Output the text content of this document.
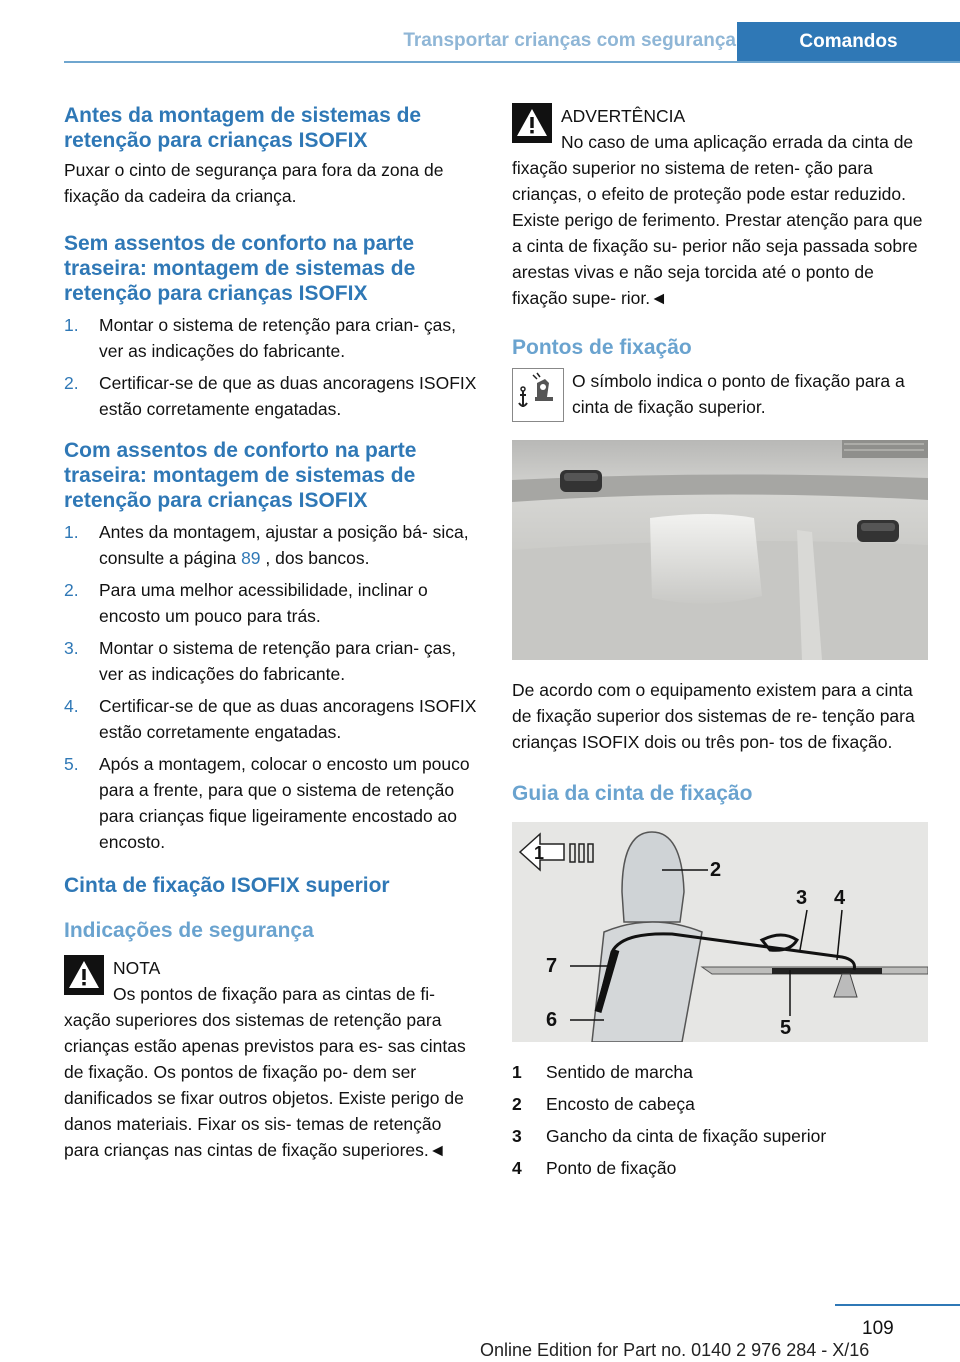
Transportar crianças com segurança	Comandos
Antes da montagem de sistemas de retenção para crianças ISOFIX

Puxar o cinto de segurança para fora da zona de fixação da cadeira da criança.

Sem assentos de conforto na parte traseira: montagem de sistemas de retenção para crianças ISOFIX
1.	Montar o sistema de retenção para crian- ças, ver as indicações do fabricante.
2.	Certificar-se de que as duas ancoragens ISOFIX estão corretamente engatadas.
Com assentos de conforto na parte traseira: montagem de sistemas de retenção para crianças ISOFIX
1.	Antes da montagem, ajustar a posição bá- sica, consulte a página 89 , dos bancos.
2.	Para uma melhor acessibilidade, inclinar o encosto um pouco para trás.
3.	Montar o sistema de retenção para crian- ças, ver as indicações do fabricante.
4.	Certificar-se de que as duas ancoragens ISOFIX estão corretamente engatadas.
5.	Após a montagem, colocar o encosto um pouco para a frente, para que o sistema de retenção para crianças fique ligeiramente encostado ao encosto.
Cinta de fixação ISOFIX superior
Indicações de segurança
NOTA
Os pontos de fixação para as cintas de fi- xação superiores dos sistemas de retenção para crianças estão apenas previstos para es- sas cintas de fixação. Os pontos de fixação po- dem ser danificados se fixar outros objetos. Existe perigo de danos materiais. Fixar os sis- temas de retenção para crianças nas cintas de fixação superiores.◄
ADVERTÊNCIA
No caso de uma aplicação errada da cinta de fixação superior no sistema de reten- ção para crianças, o efeito de proteção pode estar reduzido. Existe perigo de ferimento. Prestar atenção para que a cinta de fixação su- perior não seja passada sobre arestas vivas e não seja torcida até o ponto de fixação supe- rior.◄
Pontos de fixação
O símbolo indica o ponto de fixação para a cinta de fixação superior.

De acordo com o equipamento existem para a cinta de fixação superior dos sistemas de re- tenção para crianças ISOFIX dois ou três pon- tos de fixação.

Guia da cinta de fixação
1
2
3 4
5
6
7
1	Sentido de marcha
2	Encosto de cabeça
3	Gancho da cinta de fixação superior
4	Ponto de fixação
109
Online Edition for Part no. 0140 2 976 284 - X/16
